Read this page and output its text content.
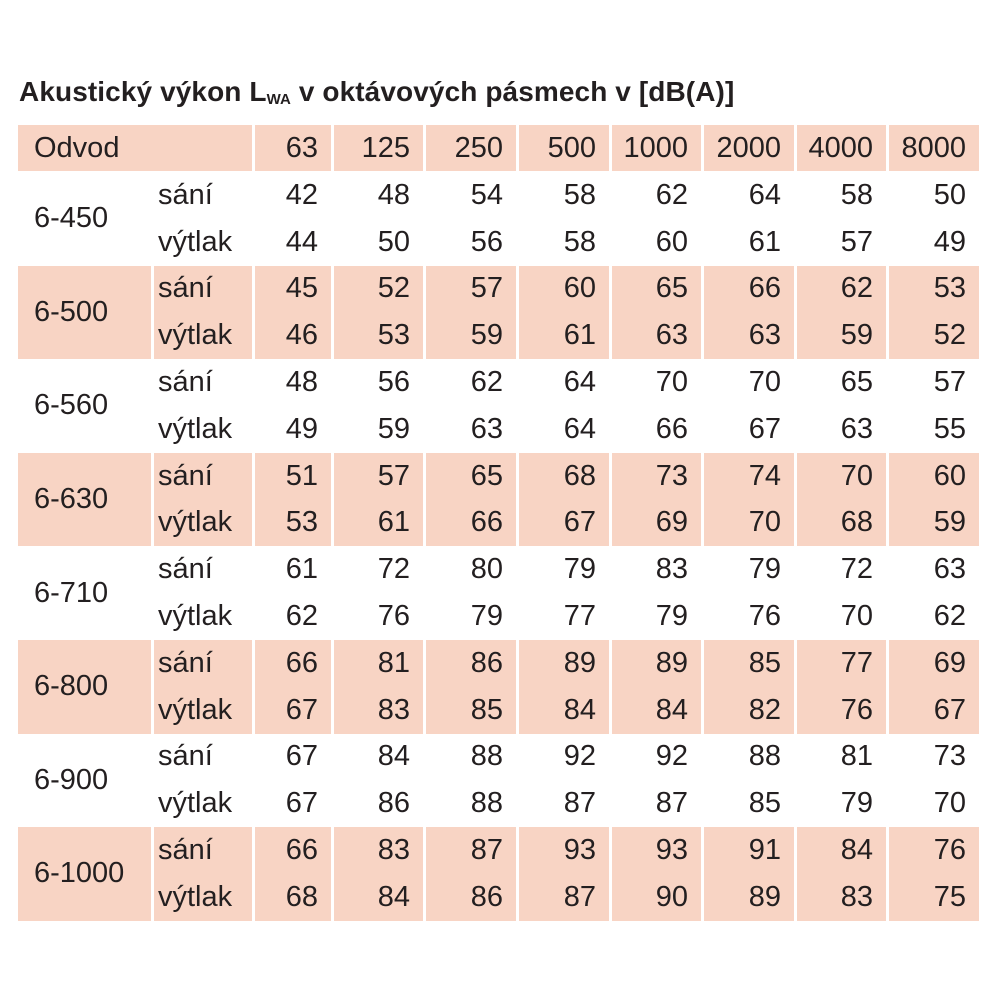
Akustický výkon $L_{WA}$ v oktávových pásmech v [dB(A)]
Odvod		63	125	250	500	1000	2000	4000	8000
6-450	sání	42	48	54	58	62	64	58	50
	výtlak	44	50	56	58	60	61	57	49
6-500	sání	45	52	57	60	65	66	62	53
	výtlak	46	53	59	61	63	63	59	52
6-560	sání	48	56	62	64	70	70	65	57
	výtlak	49	59	63	64	66	67	63	55
6-630	sání	51	57	65	68	73	74	70	60
	výtlak	53	61	66	67	69	70	68	59
6-710	sání	61	72	80	79	83	79	72	63
	výtlak	62	76	79	77	79	76	70	62
6-800	sání	66	81	86	89	89	85	77	69
	výtlak	67	83	85	84	84	82	76	67
6-900	sání	67	84	88	92	92	88	81	73
	výtlak	67	86	88	87	87	85	79	70
6-1000	sání	66	83	87	93	93	91	84	76
	výtlak	68	84	86	87	90	89	83	75
